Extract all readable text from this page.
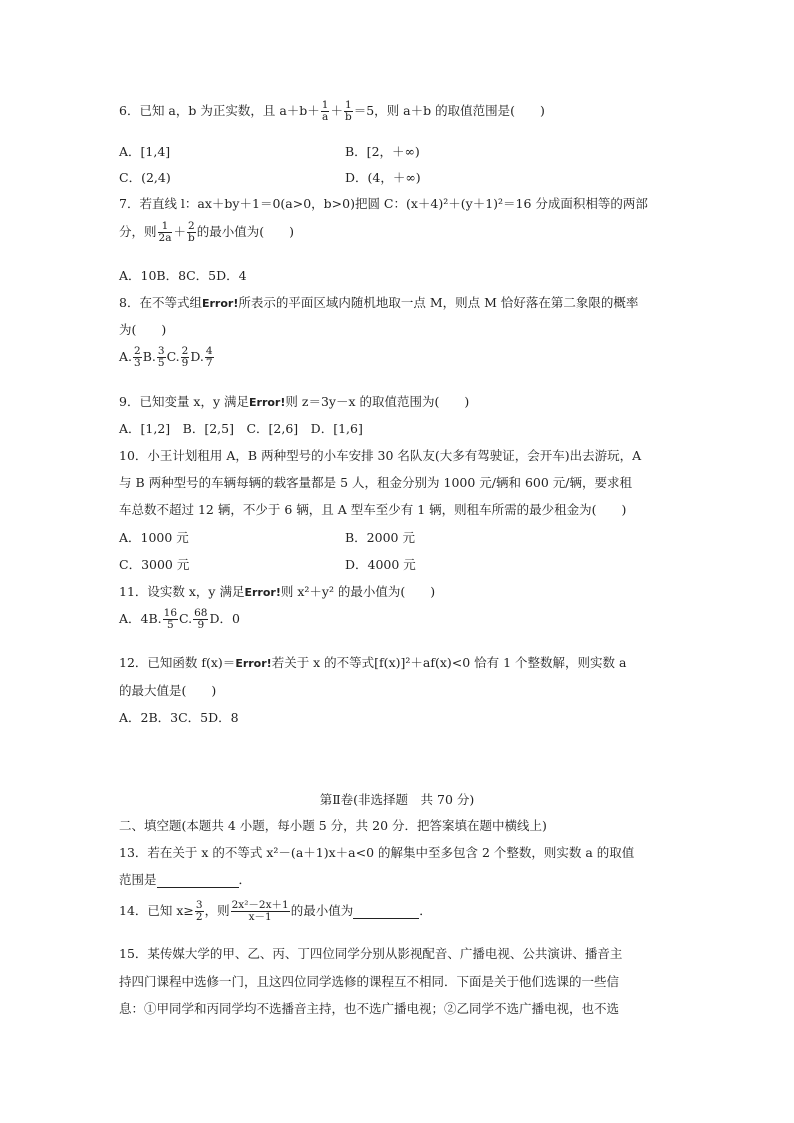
6．已知 a，b 为正实数，且 $a+b+ \frac{1}{a} + \frac{1}{b} =5$，则 a＋b 的取值范围是(　　)
A．[1,4]	B．[2，＋∞)
C．(2,4)	D．(4，＋∞)
7．若直线 l：ax＋by＋1＝0(a>0，b>0)把圆 C：(x＋4)²＋(y＋1)²＝16 分成面积相等的两部
分，则 $\frac{1}{2a} + \frac{2}{b}$ 的最小值为(　　)
A．10B．8C．5D．4
8．在不等式组Error!所表示的平面区域内随机地取一点 M，则点 M 恰好落在第二象限的概率
为(　　)
A. $\frac{2}{3} B$. $\frac{3}{5} C$. $\frac{2}{9} D$. $\frac{4}{7}$
9．已知变量 x，y 满足Error!则 z＝3y－x 的取值范围为(　　)
A．[1,2]　B．[2,5]　C．[2,6]　D．[1,6]
10．小王计划租用 A，B 两种型号的小车安排 30 名队友(大多有驾驶证，会开车)出去游玩，A
与 B 两种型号的车辆每辆的载客量都是 5 人，租金分别为 1000 元/辆和 600 元/辆，要求租
车总数不超过 12 辆，不少于 6 辆，且 A 型车至少有 1 辆，则租车所需的最少租金为(　　)
A．1000 元	B．2000 元
C．3000 元	D．4000 元
11．设实数 x，y 满足Error!则 x²＋y² 的最小值为(　　)
A．4B. $\frac{16}{5} C$. $\frac{68}{9}$ D．0
12．已知函数 f(x)＝Error!若关于 x 的不等式[f(x)]²＋af(x)<0 恰有 1 个整数解，则实数 a
的最大值是(　　)
A．2B．3C．5D．8
第Ⅱ卷(非选择题　共 70 分)
二、填空题(本题共 4 小题，每小题 5 分，共 20 分．把答案填在题中横线上)
13．若在关于 x 的不等式 x²－(a＋1)x＋a<0 的解集中至多包含 2 个整数，则实数 a 的取值
范围是	．
14．已知 $x\ge \frac{3}{2}$ ，则 $\frac{\text{2x²－2x＋1}}{x-1}$ 的最小值为	．
15．某传媒大学的甲、乙、丙、丁四位同学分别从影视配音、广播电视、公共演讲、播音主
持四门课程中选修一门，且这四位同学选修的课程互不相同．下面是关于他们选课的一些信
息：①甲同学和丙同学均不选播音主持，也不选广播电视；②乙同学不选广播电视，也不选
